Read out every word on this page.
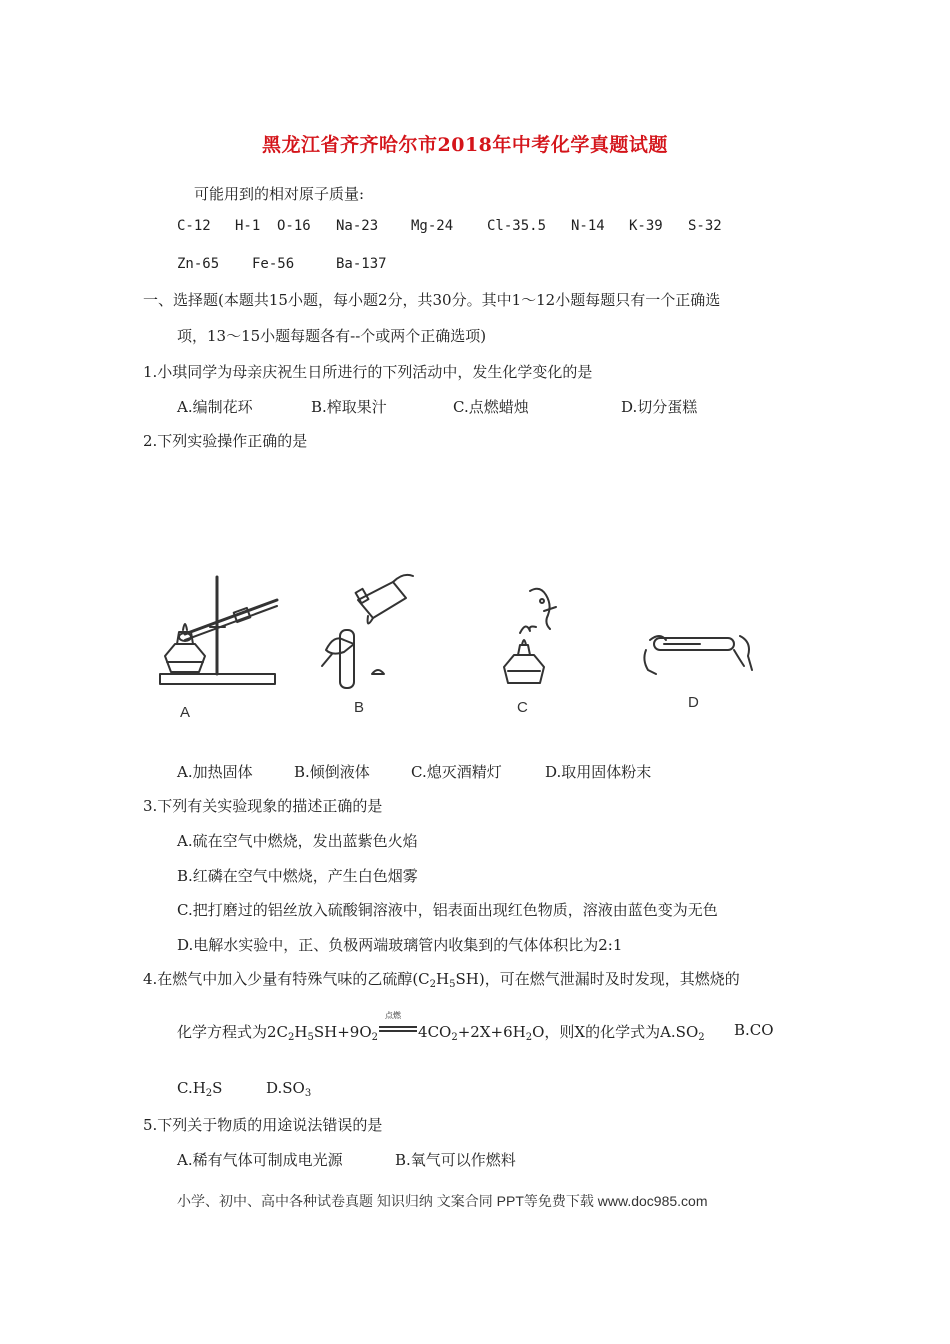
黑龙江省齐齐哈尔市2018年中考化学真题试题
可能用到的相对原子质量:
C-12 H-1 O-16 Na-23 Mg-24 Cl-35.5 N-14 K-39 S-32
Zn-65 Fe-56	Ba-137
一、选择题(本题共15小题，每小题2分，共30分。其中1～12小题每题只有一个正确选
项，13～15小题每题各有--个或两个正确选项)
1.小琪同学为母亲庆祝生日所进行的下列活动中，发生化学变化的是
A.编制花环	B.榨取果汁	C.点燃蜡烛	D.切分蛋糕
2.下列实验操作正确的是
A	B	C	D
A.加热固体	B.倾倒液体	C.熄灭酒精灯	D.取用固体粉末
3.下列有关实验现象的描述正确的是
A.硫在空气中燃烧，发出蓝紫色火焰
B.红磷在空气中燃烧，产生白色烟雾
C.把打磨过的铝丝放入硫酸铜溶液中，铝表面出现红色物质，溶液由蓝色变为无色
D.电解水实验中，正、负极两端玻璃管内收集到的气体体积比为2:1
4.在燃气中加入少量有特殊气味的乙硫醇$(C_2H_5SH)$，可在燃气泄漏时及时发现，其燃烧的
化学方程式为$2C_2H_5SH+9O_2$
点燃
$4CO_2+2X+6H_2O$，则X的化学式为$A.SO_2$ B.CO
$C.H_2S$	$D.SO_3$
5.下列关于物质的用途说法错误的是
A.稀有气体可制成电光源	B.氧气可以作燃料
小学、初中、高中各种试卷真题 知识归纳 文案合同 PPT等免费下载 www.doc985.com
